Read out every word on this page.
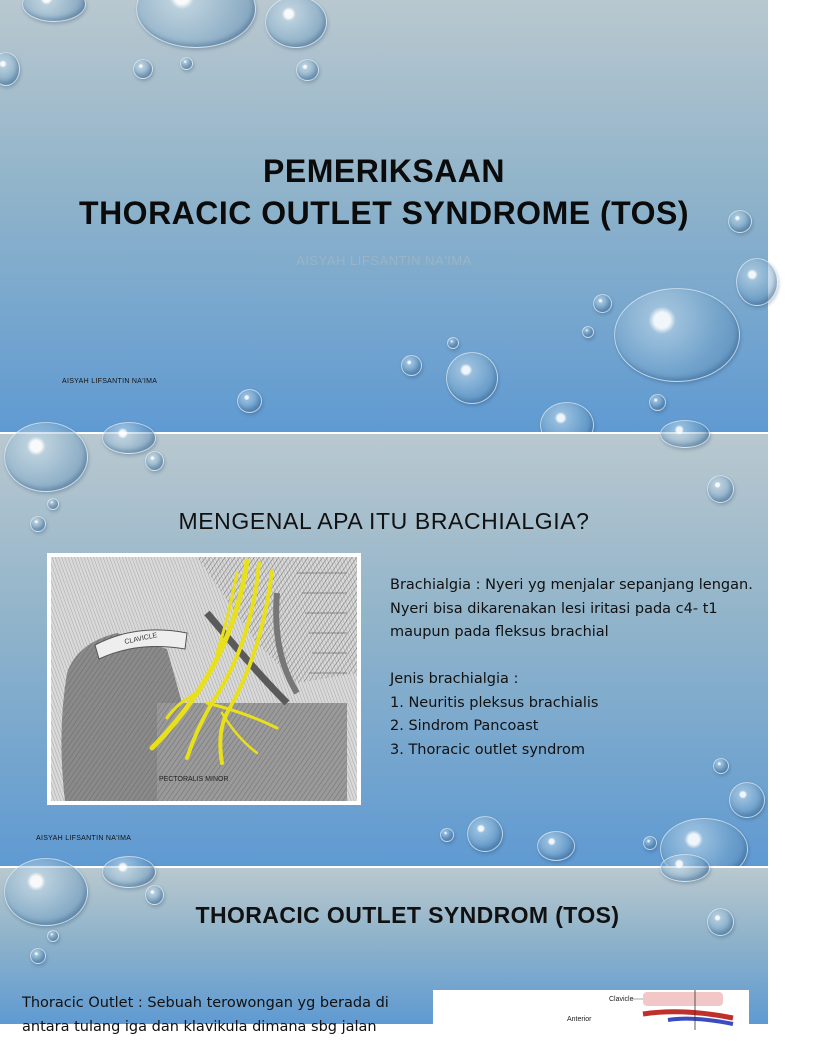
PEMERIKSAAN
THORACIC OUTLET SYNDROME (TOS)

AISYAH LIFSANTIN NA'IMA

AISYAH LIFSANTIN NA'IMA
MENGENAL APA ITU BRACHIALGIA?
CLAVICLE
PECTORALIS MINOR

Brachialgia : Nyeri yg menjalar sepanjang lengan. Nyeri bisa dikarenakan lesi iritasi pada c4- t1 maupun pada fleksus brachial

Jenis brachialgia :

1. Neuritis pleksus brachialis

2. Sindrom Pancoast

3. Thoracic outlet syndrom

AISYAH LIFSANTIN NA'IMA
THORACIC OUTLET SYNDROM (TOS)
Thoracic Outlet : Sebuah terowongan yg berada di antara tulang iga dan klavikula dimana sbg jalan
Clavicle
Anterior
